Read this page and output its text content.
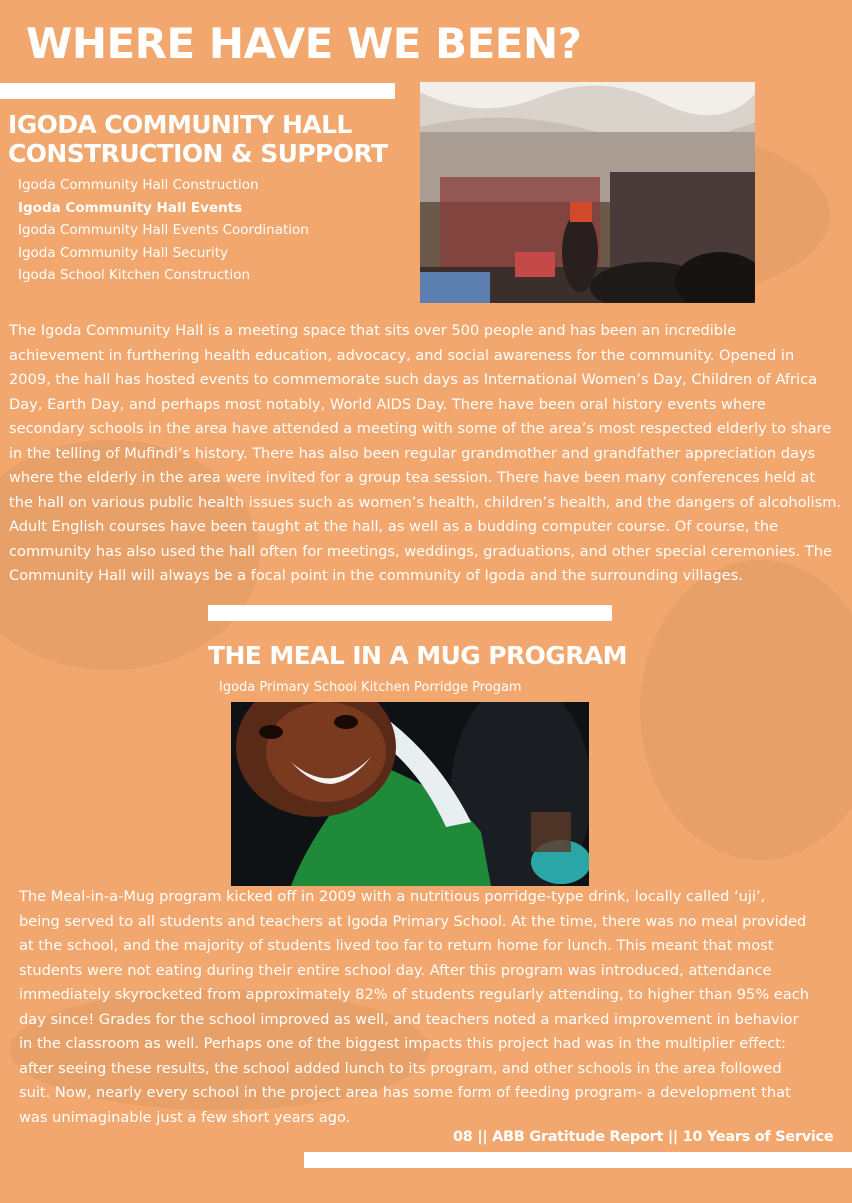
WHERE HAVE WE BEEN?
IGODA COMMUNITY HALL
CONSTRUCTION & SUPPORT
Igoda Community Hall Construction
Igoda Community Hall Events
Igoda Community Hall Events Coordination
Igoda Community Hall Security
Igoda School Kitchen Construction
The Igoda Community Hall is a meeting space that sits over 500 people and has been an incredible
achievement in furthering health education, advocacy, and social awareness for the community. Opened in
2009, the hall has hosted events to commemorate such days as International Women’s Day, Children of Africa
Day, Earth Day, and perhaps most notably, World AIDS Day. There have been oral history events where
secondary schools in the area have attended a meeting with some of the area’s most respected elderly to share
in the telling of Mufindi’s history. There has also been regular grandmother and grandfather appreciation days
where the elderly in the area were invited for a group tea session. There have been many conferences held at
the hall on various public health issues such as women’s health, children’s health, and the dangers of alcoholism.
Adult English courses have been taught at the hall, as well as a budding computer course. Of course, the
community has also used the hall often for meetings, weddings, graduations, and other special ceremonies. The
Community Hall will always be a focal point in the community of Igoda and the surrounding villages.
THE MEAL IN A MUG PROGRAM
Igoda Primary School Kitchen Porridge Progam
The Meal-in-a-Mug program kicked off in 2009 with a nutritious porridge-type drink, locally called ‘uji’,
being served to all students and teachers at Igoda Primary School. At the time, there was no meal provided
at the school, and the majority of students lived too far to return home for lunch. This meant that most
students were not eating during their entire school day. After this program was introduced, attendance
immediately skyrocketed from approximately 82% of students regularly attending, to higher than 95% each
day since! Grades for the school improved as well, and teachers noted a marked improvement in behavior
in the classroom as well. Perhaps one of the biggest impacts this project had was in the multiplier effect:
after seeing these results, the school added lunch to its program, and other schools in the area followed
suit. Now, nearly every school in the project area has some form of feeding program- a development that
was unimaginable just a few short years ago.
08 || ABB Gratitude Report || 10 Years of Service
